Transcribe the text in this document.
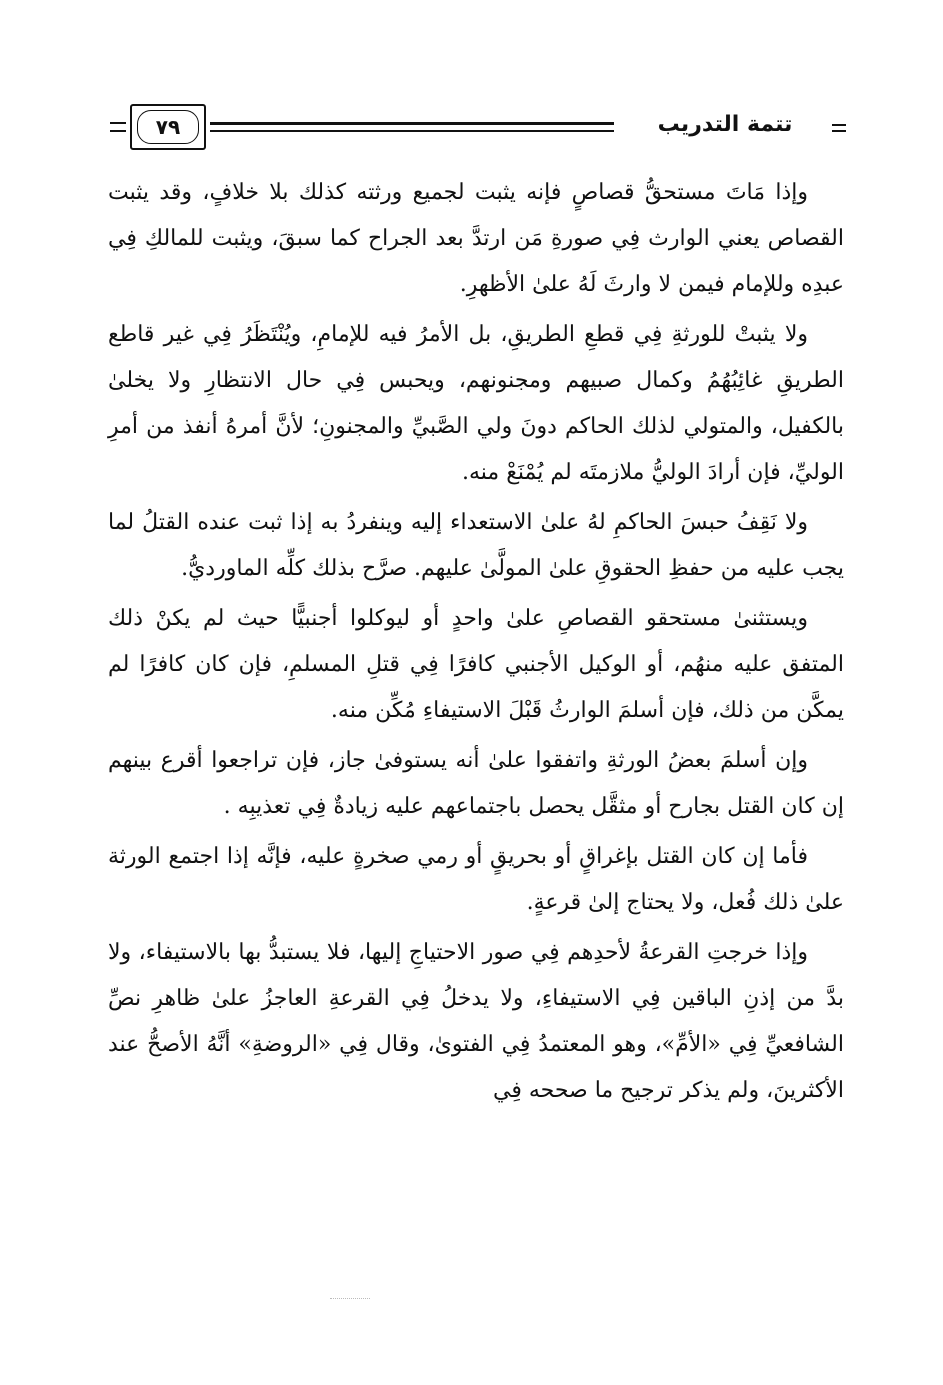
٧٩	تتمة التدريب

وإذا مَاتَ مستحقُّ قصاصٍ فإنه يثبت لجميع ورثته كذلك بلا خلافٍ، وقد يثبت القصاص يعني الوارث فِي صورةِ مَن ارتدَّ بعد الجراح كما سبقَ، ويثبت للمالكِ فِي عبدِه وللإمام فيمن لا وارثَ لَهُ علىٰ الأظهرِ.

ولا يثبتْ للورثةِ فِي قطعِ الطريقِ، بل الأمرُ فيه للإمامِ، ويُنْتَظَرُ فِي غير قاطع الطريقِ غائِبُهُمُ وكمال صبيهم ومجنونهم، ويحبس فِي حال الانتظارِ ولا يخلىٰ بالكفيل، والمتولي لذلك الحاكم دونَ ولي الصَّبيِّ والمجنونِ؛ لأنَّ أمرهُ أنفذ من أمرِ الوليِّ، فإن أرادَ الوليُّ ملازمتَه لم يُمْنَعْ منه.

ولا نَقِفُ حبسَ الحاكمِ لهُ علىٰ الاستعداء إليه وينفردُ به إذا ثبت عنده القتلُ لما يجب عليه من حفظِ الحقوقِ علىٰ المولَّىٰ عليهم. صرَّح بذلك كلِّه الماورديُّ.

ويستثنىٰ مستحقو القصاصِ علىٰ واحدٍ أو ليوكلوا أجنبيًّا حيث لم يكنْ ذلك المتفق عليه منهُم، أو الوكيل الأجنبي كافرًا فِي قتلِ المسلمِ، فإن كان كافرًا لم يمكَّن من ذلك، فإن أسلمَ الوارثُ قَبْلَ الاستيفاءِ مُكِّن منه.

وإن أسلمَ بعضُ الورثةِ واتفقوا علىٰ أنه يستوفىٰ جاز، فإن تراجعوا أقرع بينهم إن كان القتل بجارح أو مثقَّل يحصل باجتماعهم عليه زيادةٌ فِي تعذيبِه .

فأما إن كان القتل بإغراقٍ أو بحريقٍ أو رمي صخرةٍ عليه، فإنَّه إذا اجتمع الورثة علىٰ ذلك فُعل، ولا يحتاج إلىٰ قرعةٍ.

وإذا خرجتِ القرعةُ لأحدِهم فِي صور الاحتياجِ إليها، فلا يستبدُّ بها بالاستيفاء، ولا بدَّ من إذنِ الباقين فِي الاستيفاءِ، ولا يدخلُ فِي القرعةِ العاجزُ علىٰ ظاهرِ نصِّ الشافعيِّ فِي «الأمِّ»، وهو المعتمدُ فِي الفتوىٰ، وقال فِي «الروضةِ» أنَّهُ الأصحُّ عند الأكثرينَ، ولم يذكر ترجيح ما صححه فِي
